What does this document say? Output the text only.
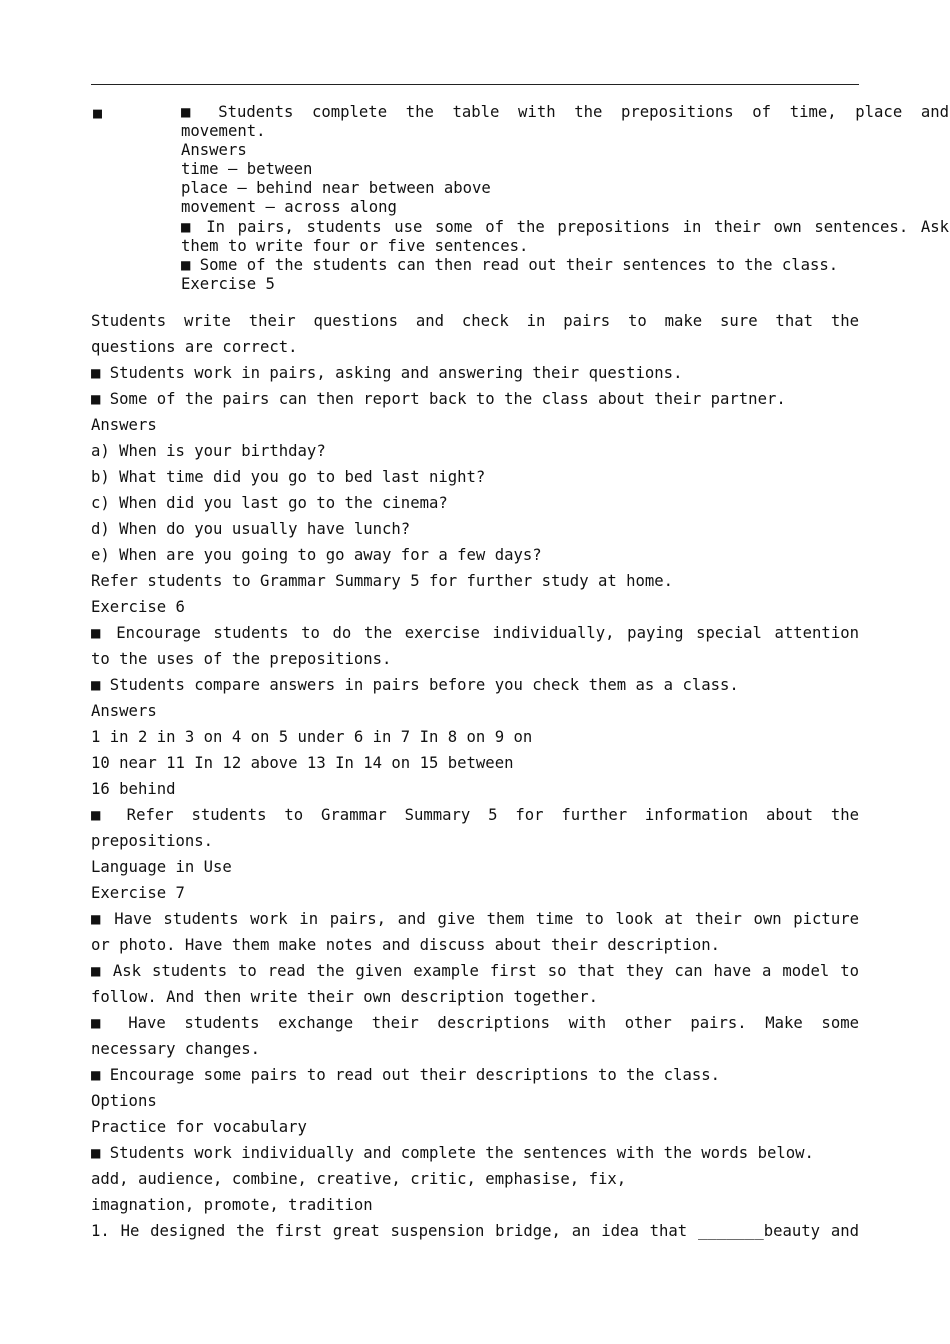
■	■ Students complete the table with the prepositions of time, place and
movement.
Answers
time – between
place – behind near between above
movement – across along
■ In pairs, students use some of the prepositions in their own sentences. Ask
them to write four or five sentences.
■ Some of the students can then read out their sentences to the class.
Exercise 5
Students write their questions and check in pairs to make sure that the
questions are correct.
■ Students work in pairs, asking and answering their questions.
■ Some of the pairs can then report back to the class about their partner.
Answers
a) When is your birthday?
b) What time did you go to bed last night?
c) When did you last go to the cinema?
d) When do you usually have lunch?
e) When are you going to go away for a few days?
Refer students to Grammar Summary 5 for further study at home.
Exercise 6
■ Encourage students to do the exercise individually, paying special attention
to the uses of the prepositions.
■ Students compare answers in pairs before you check them as a class.
Answers
1 in 2 in 3 on 4 on 5 under 6 in 7 In 8 on 9 on
10 near 11 In 12 above 13 In 14 on 15 between
16 behind
■ Refer students to Grammar Summary 5 for further information about the
prepositions.
Language in Use
Exercise 7
■ Have students work in pairs, and give them time to look at their own picture
or photo. Have them make notes and discuss about their description.
■ Ask students to read the given example first so that they can have a model to
follow. And then write their own description together.
■ Have students exchange their descriptions with other pairs. Make some
necessary changes.
■ Encourage some pairs to read out their descriptions to the class.
Options
Practice for vocabulary
■ Students work individually and complete the sentences with the words below.
add, audience, combine, creative, critic, emphasise, fix,
imagnation, promote, tradition
1. He designed the first great suspension bridge, an idea that _______beauty and
